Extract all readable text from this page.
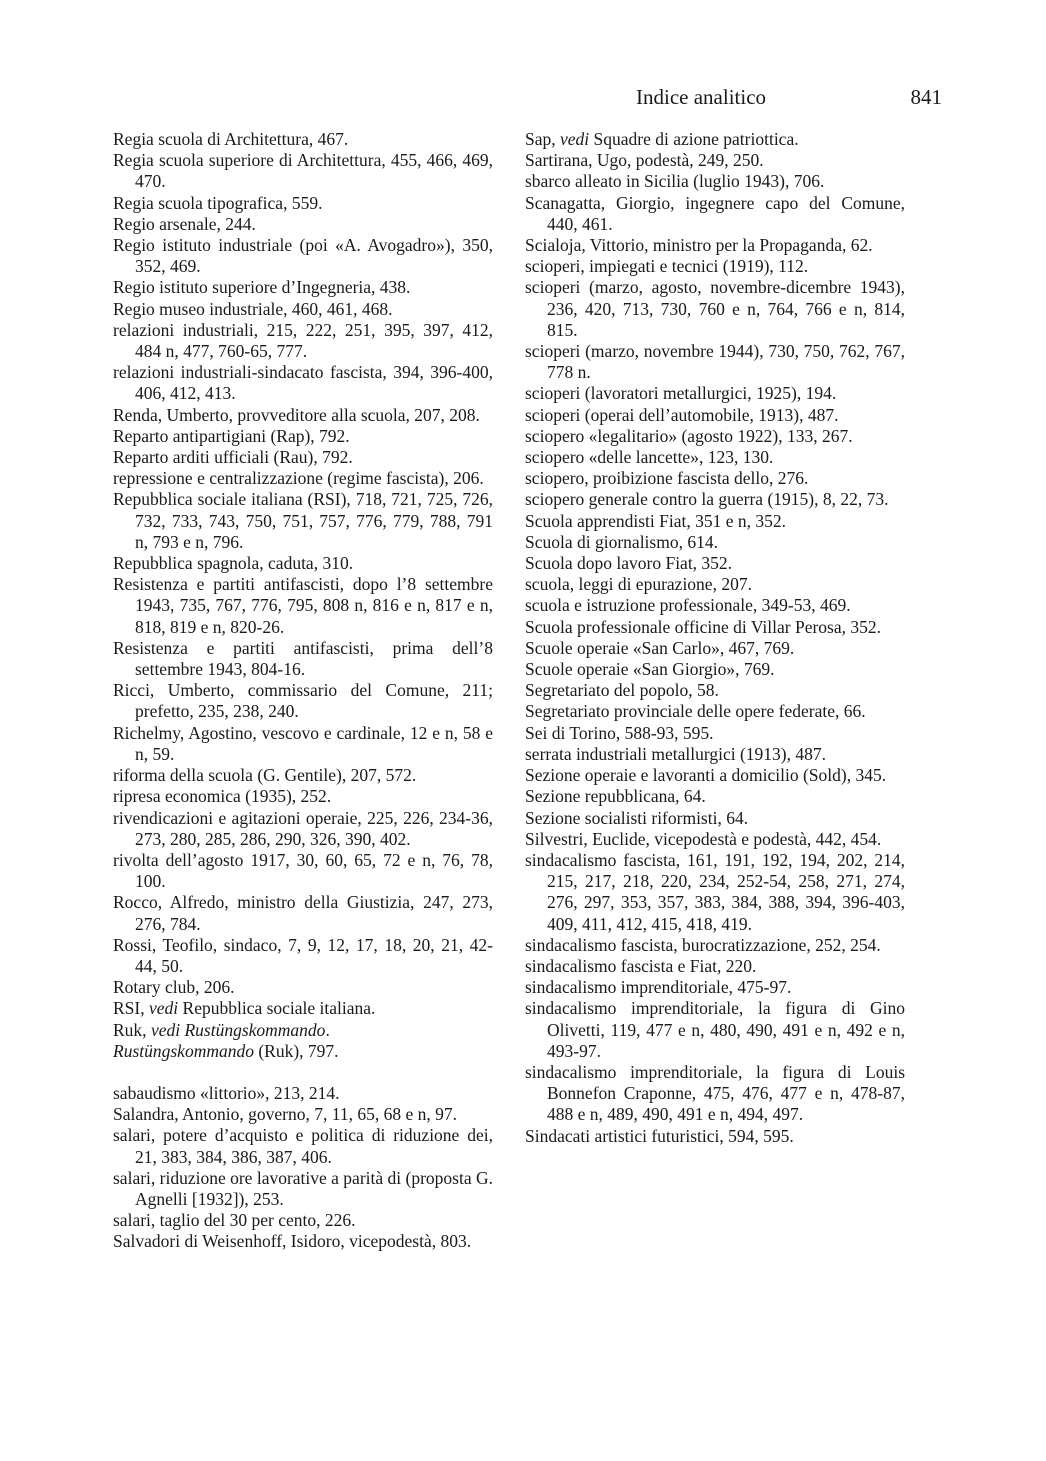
Indice analitico	841

Regia scuola di Architettura, 467.

Regia scuola superiore di Architettura, 455, 466, 469, 470.

Regia scuola tipografica, 559.

Regio arsenale, 244.

Regio istituto industriale (poi «A. Avogadro»), 350, 352, 469.

Regio istituto superiore d’Ingegneria, 438.

Regio museo industriale, 460, 461, 468.

relazioni industriali, 215, 222, 251, 395, 397, 412, 484 n, 477, 760-65, 777.

relazioni industriali-sindacato fascista, 394, 396-400, 406, 412, 413.

Renda, Umberto, provveditore alla scuola, 207, 208.

Reparto antipartigiani (Rap), 792.

Reparto arditi ufficiali (Rau), 792.

repressione e centralizzazione (regime fascista), 206.

Repubblica sociale italiana (RSI), 718, 721, 725, 726, 732, 733, 743, 750, 751, 757, 776, 779, 788, 791 n, 793 e n, 796.

Repubblica spagnola, caduta, 310.

Resistenza e partiti antifascisti, dopo l’8 settembre 1943, 735, 767, 776, 795, 808 n, 816 e n, 817 e n, 818, 819 e n, 820-26.

Resistenza e partiti antifascisti, prima dell’8 settembre 1943, 804-16.

Ricci, Umberto, commissario del Comune, 211; prefetto, 235, 238, 240.

Richelmy, Agostino, vescovo e cardinale, 12 e n, 58 e n, 59.

riforma della scuola (G. Gentile), 207, 572.

ripresa economica (1935), 252.

rivendicazioni e agitazioni operaie, 225, 226, 234-36, 273, 280, 285, 286, 290, 326, 390, 402.

rivolta dell’agosto 1917, 30, 60, 65, 72 e n, 76, 78, 100.

Rocco, Alfredo, ministro della Giustizia, 247, 273, 276, 784.

Rossi, Teofilo, sindaco, 7, 9, 12, 17, 18, 20, 21, 42-44, 50.

Rotary club, 206.

RSI, vedi Repubblica sociale italiana.

Ruk, vedi Rustüngskommando.

Rustüngskommando (Ruk), 797.

sabaudismo «littorio», 213, 214.

Salandra, Antonio, governo, 7, 11, 65, 68 e n, 97.

salari, potere d’acquisto e politica di riduzione dei, 21, 383, 384, 386, 387, 406.

salari, riduzione ore lavorative a parità di (proposta G. Agnelli [1932]), 253.

salari, taglio del 30 per cento, 226.

Salvadori di Weisenhoff, Isidoro, vicepodestà, 803.

Sap, vedi Squadre di azione patriottica.

Sartirana, Ugo, podestà, 249, 250.

sbarco alleato in Sicilia (luglio 1943), 706.

Scanagatta, Giorgio, ingegnere capo del Comune, 440, 461.

Scialoja, Vittorio, ministro per la Propaganda, 62.

scioperi, impiegati e tecnici (1919), 112.

scioperi (marzo, agosto, novembre-dicembre 1943), 236, 420, 713, 730, 760 e n, 764, 766 e n, 814, 815.

scioperi (marzo, novembre 1944), 730, 750, 762, 767, 778 n.

scioperi (lavoratori metallurgici, 1925), 194.

scioperi (operai dell’automobile, 1913), 487.

sciopero «legalitario» (agosto 1922), 133, 267.

sciopero «delle lancette», 123, 130.

sciopero, proibizione fascista dello, 276.

sciopero generale contro la guerra (1915), 8, 22, 73.

Scuola apprendisti Fiat, 351 e n, 352.

Scuola di giornalismo, 614.

Scuola dopo lavoro Fiat, 352.

scuola, leggi di epurazione, 207.

scuola e istruzione professionale, 349-53, 469.

Scuola professionale officine di Villar Perosa, 352.

Scuole operaie «San Carlo», 467, 769.

Scuole operaie «San Giorgio», 769.

Segretariato del popolo, 58.

Segretariato provinciale delle opere federate, 66.

Sei di Torino, 588-93, 595.

serrata industriali metallurgici (1913), 487.

Sezione operaie e lavoranti a domicilio (Sold), 345.

Sezione repubblicana, 64.

Sezione socialisti riformisti, 64.

Silvestri, Euclide, vicepodestà e podestà, 442, 454.

sindacalismo fascista, 161, 191, 192, 194, 202, 214, 215, 217, 218, 220, 234, 252-54, 258, 271, 274, 276, 297, 353, 357, 383, 384, 388, 394, 396-403, 409, 411, 412, 415, 418, 419.

sindacalismo fascista, burocratizzazione, 252, 254.

sindacalismo fascista e Fiat, 220.

sindacalismo imprenditoriale, 475-97.

sindacalismo imprenditoriale, la figura di Gino Olivetti, 119, 477 e n, 480, 490, 491 e n, 492 e n, 493-97.

sindacalismo imprenditoriale, la figura di Louis Bonnefon Craponne, 475, 476, 477 e n, 478-87, 488 e n, 489, 490, 491 e n, 494, 497.

Sindacati artistici futuristici, 594, 595.
